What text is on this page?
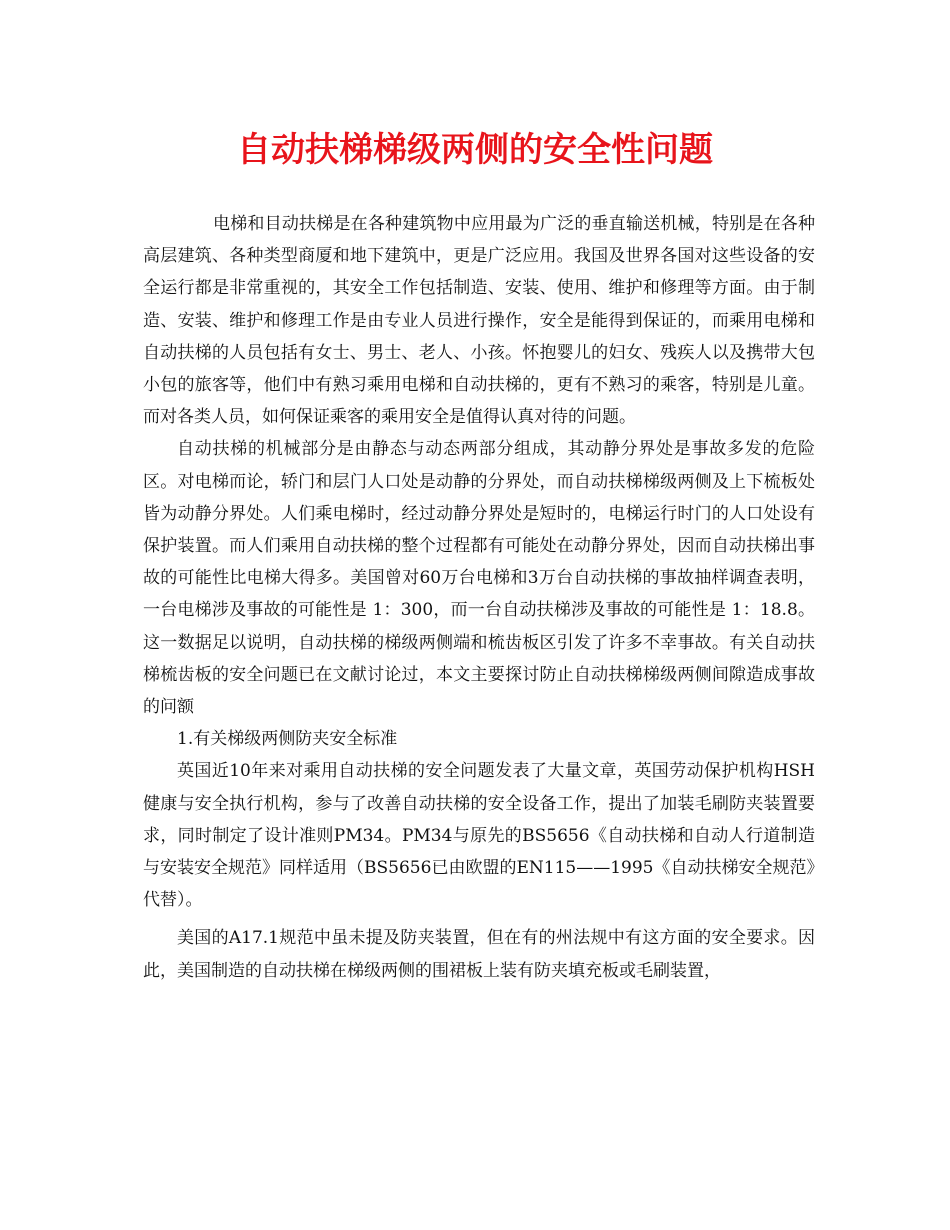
自动扶梯梯级两侧的安全性问题

电梯和目动扶梯是在各种建筑物中应用最为广泛的垂直输送机械，特别是在各种高层建筑、各种类型商厦和地下建筑中，更是广泛应用。我国及世界各国对这些设备的安全运行都是非常重视的，其安全工作包括制造、安装、使用、维护和修理等方面。由于制造、安装、维护和修理工作是由专业人员进行操作，安全是能得到保证的，而乘用电梯和自动扶梯的人员包括有女士、男士、老人、小孩。怀抱婴儿的妇女、残疾人以及携带大包小包的旅客等，他们中有熟习乘用电梯和自动扶梯的，更有不熟习的乘客，特别是儿童。而对各类人员，如何保证乘客的乘用安全是值得认真对待的问题。

自动扶梯的机械部分是由静态与动态两部分组成，其动静分界处是事故多发的危险区。对电梯而论，轿门和层门人口处是动静的分界处，而自动扶梯梯级两侧及上下梳板处皆为动静分界处。人们乘电梯时，经过动静分界处是短时的，电梯运行时门的人口处设有保护装置。而人们乘用自动扶梯的整个过程都有可能处在动静分界处，因而自动扶梯出事故的可能性比电梯大得多。美国曾对60万台电梯和3万台自动扶梯的事故抽样调查表明，一台电梯涉及事故的可能性是 1：300，而一台自动扶梯涉及事故的可能性是 1：18.8。这一数据足以说明，自动扶梯的梯级两侧端和梳齿板区引发了许多不幸事故。有关自动扶梯梳齿板的安全问题已在文献讨论过，本文主要探讨防止自动扶梯梯级两侧间隙造成事故的问额

1.有关梯级两侧防夹安全标准

英国近10年来对乘用自动扶梯的安全问题发表了大量文章，英国劳动保护机构HSH健康与安全执行机构，参与了改善自动扶梯的安全设备工作，提出了加装毛刷防夹装置要求，同时制定了设计准则PM34。PM34与原先的BS5656《自动扶梯和自动人行道制造与安装安全规范》同样适用（BS5656已由欧盟的EN115——1995《自动扶梯安全规范》代替）。

美国的A17.1规范中虽未提及防夹装置，但在有的州法规中有这方面的安全要求。因此，美国制造的自动扶梯在梯级两侧的围裙板上装有防夹填充板或毛刷装置，
